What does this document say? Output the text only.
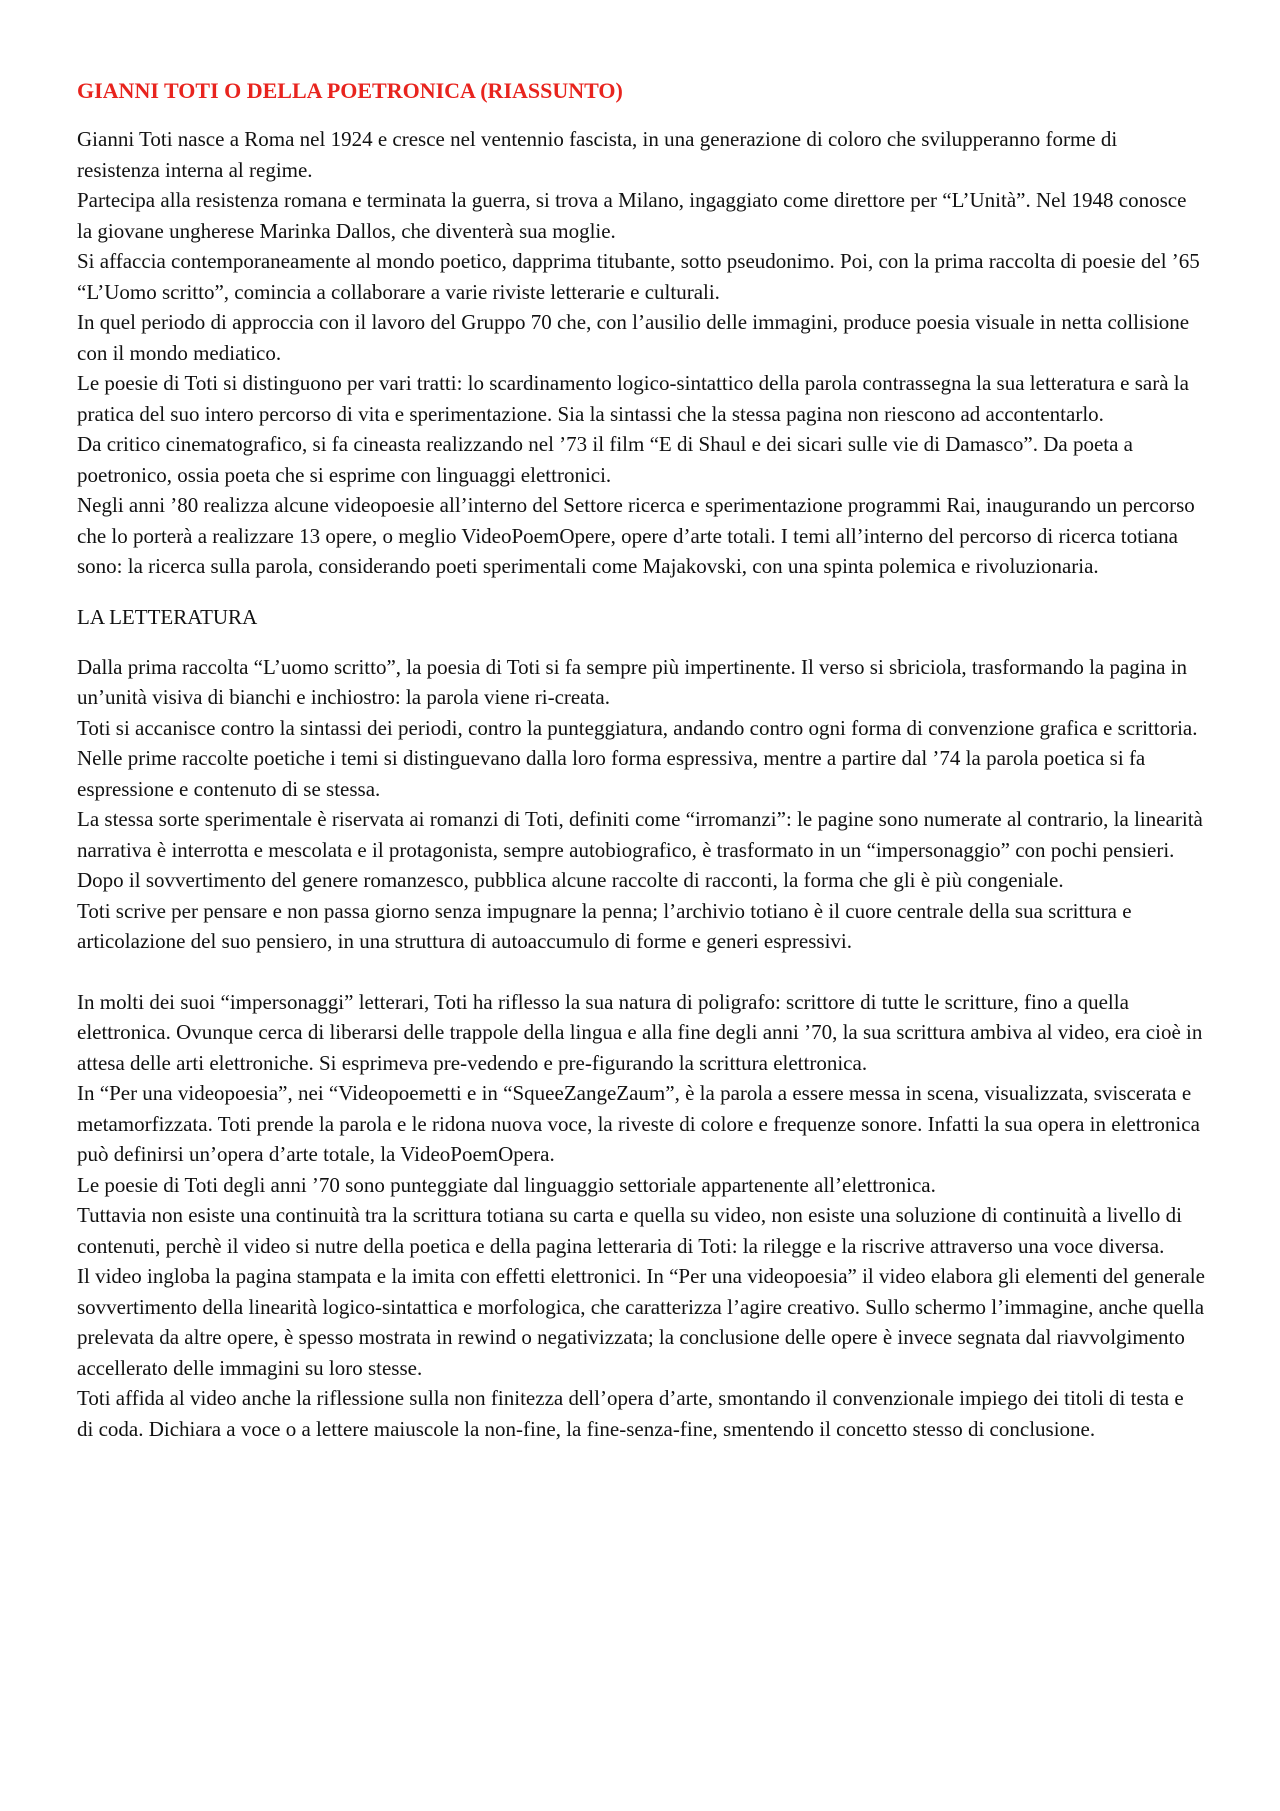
GIANNI TOTI O DELLA POETRONICA (RIASSUNTO)

Gianni Toti nasce a Roma nel 1924 e cresce nel ventennio fascista, in una generazione di coloro che svilupperanno forme di resistenza interna al regime.

Partecipa alla resistenza romana e terminata la guerra, si trova a Milano, ingaggiato come direttore per “L’Unità”. Nel 1948 conosce la giovane ungherese Marinka Dallos, che diventerà sua moglie.

Si affaccia contemporaneamente al mondo poetico, dapprima titubante, sotto pseudonimo. Poi, con la prima raccolta di poesie del ’65 “L’Uomo scritto”, comincia a collaborare a varie riviste letterarie e culturali.

In quel periodo di approccia con il lavoro del Gruppo 70 che, con l’ausilio delle immagini, produce poesia visuale in netta collisione con il mondo mediatico.

Le poesie di Toti si distinguono per vari tratti: lo scardinamento logico-sintattico della parola contrassegna la sua letteratura e sarà la pratica del suo intero percorso di vita e sperimentazione. Sia la sintassi che la stessa pagina non riescono ad accontentarlo.

Da critico cinematografico, si fa cineasta realizzando nel ’73 il film “E di Shaul e dei sicari sulle vie di Damasco”. Da poeta a poetronico, ossia poeta che si esprime con linguaggi elettronici.

Negli anni ’80 realizza alcune videopoesie all’interno del Settore ricerca e sperimentazione programmi Rai, inaugurando un percorso che lo porterà a realizzare 13 opere, o meglio VideoPoemOpere, opere d’arte totali. I temi all’interno del percorso di ricerca totiana sono: la ricerca sulla parola, considerando poeti sperimentali come Majakovski, con una spinta polemica e rivoluzionaria.

LA LETTERATURA

Dalla prima raccolta “L’uomo scritto”, la poesia di Toti si fa sempre più impertinente. Il verso si sbriciola, trasformando la pagina in un’unità visiva di bianchi e inchiostro: la parola viene ri-creata.

Toti si accanisce contro la sintassi dei periodi, contro la punteggiatura, andando contro ogni forma di convenzione grafica e scrittoria.

Nelle prime raccolte poetiche i temi si distinguevano dalla loro forma espressiva, mentre a partire dal ’74 la parola poetica si fa espressione e contenuto di se stessa.

La stessa sorte sperimentale è riservata ai romanzi di Toti, definiti come “irromanzi”: le pagine sono numerate al contrario, la linearità narrativa è interrotta e mescolata e il protagonista, sempre autobiografico, è trasformato in un “impersonaggio” con pochi pensieri. Dopo il sovvertimento del genere romanzesco, pubblica alcune raccolte di racconti, la forma che gli è più congeniale.

Toti scrive per pensare e non passa giorno senza impugnare la penna; l’archivio totiano è il cuore centrale della sua scrittura e articolazione del suo pensiero, in una struttura di autoaccumulo di forme e generi espressivi.

In molti dei suoi “impersonaggi” letterari, Toti ha riflesso la sua natura di poligrafo: scrittore di tutte le scritture, fino a quella elettronica. Ovunque cerca di liberarsi delle trappole della lingua e alla fine degli anni ’70, la sua scrittura ambiva al video, era cioè in attesa delle arti elettroniche. Si esprimeva pre-vedendo e pre-figurando la scrittura elettronica.

In “Per una videopoesia”, nei “Videopoemetti e in “SqueeZangeZaum”, è la parola a essere messa in scena, visualizzata, sviscerata e metamorfizzata. Toti prende la parola e le ridona nuova voce, la riveste di colore e frequenze sonore. Infatti la sua opera in elettronica può definirsi un’opera d’arte totale, la VideoPoemOpera.

Le poesie di Toti degli anni ’70 sono punteggiate dal linguaggio settoriale appartenente all’elettronica.

Tuttavia non esiste una continuità tra la scrittura totiana su carta e quella su video, non esiste una soluzione di continuità a livello di contenuti, perchè il video si nutre della poetica e della pagina letteraria di Toti: la rilegge e la riscrive attraverso una voce diversa.

Il video ingloba la pagina stampata e la imita con effetti elettronici. In “Per una videopoesia” il video elabora gli elementi del generale sovvertimento della linearità logico-sintattica e morfologica, che caratterizza l’agire creativo. Sullo schermo l’immagine, anche quella prelevata da altre opere, è spesso mostrata in rewind o negativizzata; la conclusione delle opere è invece segnata dal riavvolgimento accellerato delle immagini su loro stesse.

Toti affida al video anche la riflessione sulla non finitezza dell’opera d’arte, smontando il convenzionale impiego dei titoli di testa e di coda. Dichiara a voce o a lettere maiuscole la non-fine, la fine-senza-fine, smentendo il concetto stesso di conclusione.
